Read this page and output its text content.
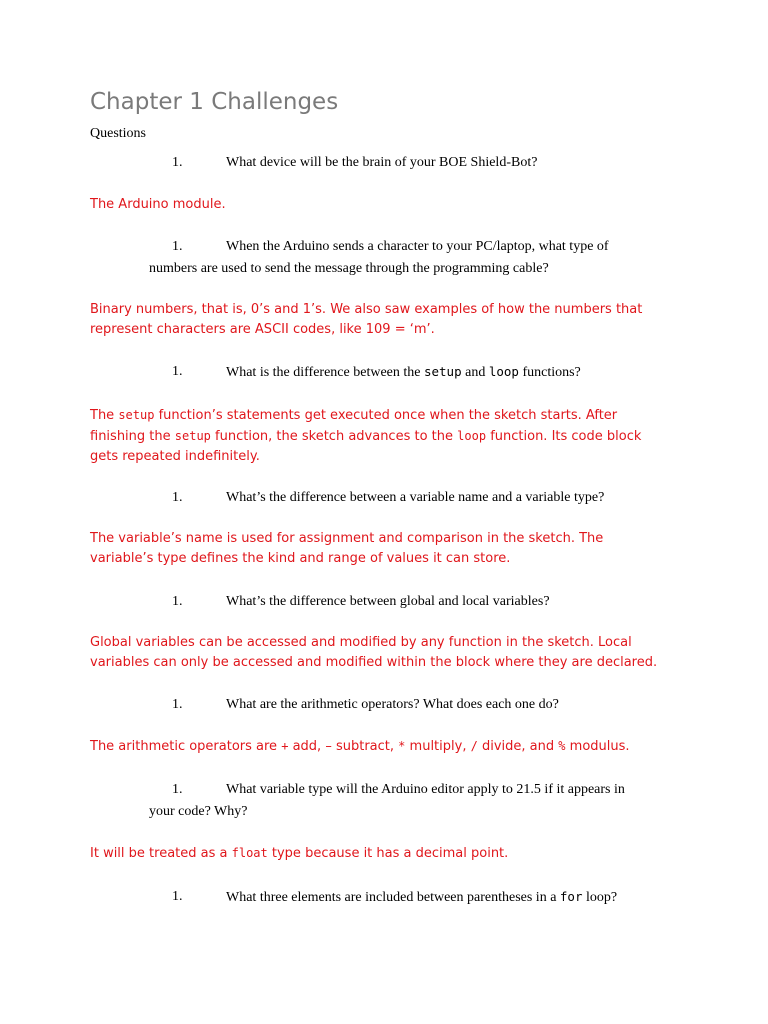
Chapter 1 Challenges
Questions
1.	What device will be the brain of your BOE Shield-Bot?
The Arduino module.
1.	When the Arduino sends a character to your PC/laptop, what type of
numbers are used to send the message through the programming cable?
Binary numbers, that is, 0’s and 1’s. We also saw examples of how the numbers that
represent characters are ASCII codes, like 109 = ‘m’.
1.	What is the difference between the setup and loop functions?
The setup function’s statements get executed once when the sketch starts. After
finishing the setup function, the sketch advances to the loop function. Its code block
gets repeated indefinitely.
1.	What’s the difference between a variable name and a variable type?
The variable’s name is used for assignment and comparison in the sketch. The
variable’s type defines the kind and range of values it can store.
1.	What’s the difference between global and local variables?
Global variables can be accessed and modified by any function in the sketch. Local
variables can only be accessed and modified within the block where they are declared.
1.	What are the arithmetic operators? What does each one do?
The arithmetic operators are + add, – subtract, * multiply, / divide, and % modulus.
1.	What variable type will the Arduino editor apply to 21.5 if it appears in
your code? Why?
It will be treated as a float type because it has a decimal point.
1.	What three elements are included between parentheses in a for loop?
